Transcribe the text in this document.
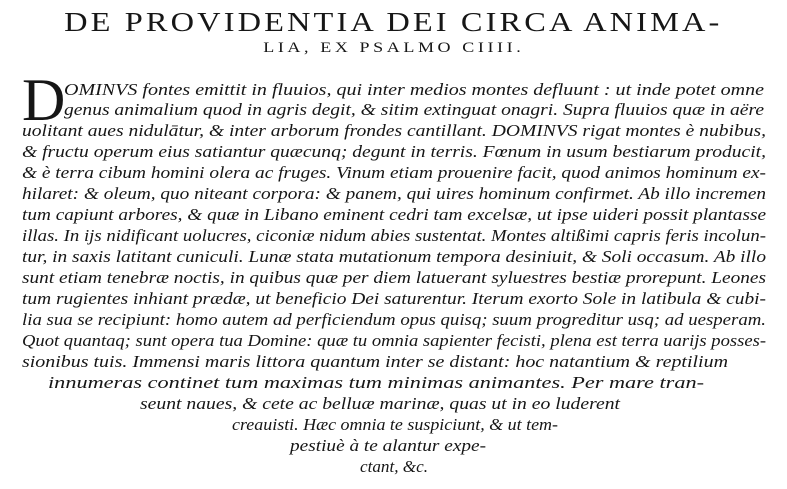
DE PROVIDENTIA DEI CIRCA ANIMA-
LIA, EX PSALMO CIIII.
D
OMINVS fontes emittit in fluuios, qui inter medios montes defluunt : ut inde potet omne
genus animalium quod in agris degit, & sitim extinguat onagri. Supra fluuios quæ in aëre
uolitant aues nidulātur, & inter arborum frondes cantillant. DOMINVS rigat montes è nubibus,
& fructu operum eius satiantur quæcunq; degunt in terris. Fœnum in usum bestiarum producit,
& è terra cibum homini olera ac fruges. Vinum etiam prouenire facit, quod animos hominum ex-
hilaret: & oleum, quo niteant corpora: & panem, qui uires hominum confirmet. Ab illo incremen
tum capiunt arbores, & quæ in Libano eminent cedri tam excelsæ, ut ipse uideri possit plantasse
illas. In ijs nidificant uolucres, ciconiæ nidum abies sustentat. Montes altißimi capris feris incolun-
tur, in saxis latitant cuniculi. Lunæ stata mutationum tempora desiniuit, & Soli occasum. Ab illo
sunt etiam tenebræ noctis, in quibus quæ per diem latuerant syluestres bestiæ prorepunt. Leones
tum rugientes inhiant prædæ, ut beneficio Dei saturentur. Iterum exorto Sole in latibula & cubi-
lia sua se recipiunt: homo autem ad perficiendum opus quisq; suum progreditur usq; ad uesperam.
Quot quantaq; sunt opera tua Domine: quæ tu omnia sapienter fecisti, plena est terra uarijs posses-
sionibus tuis. Immensi maris littora quantum inter se distant: hoc natantium & reptilium
innumeras continet tum maximas tum minimas animantes. Per mare tran-
seunt naues, & cete ac belluæ marinæ, quas ut in eo luderent
creauisti. Hæc omnia te suspiciunt, & ut tem-
pestiuè à te alantur expe-
ctant, &c.
